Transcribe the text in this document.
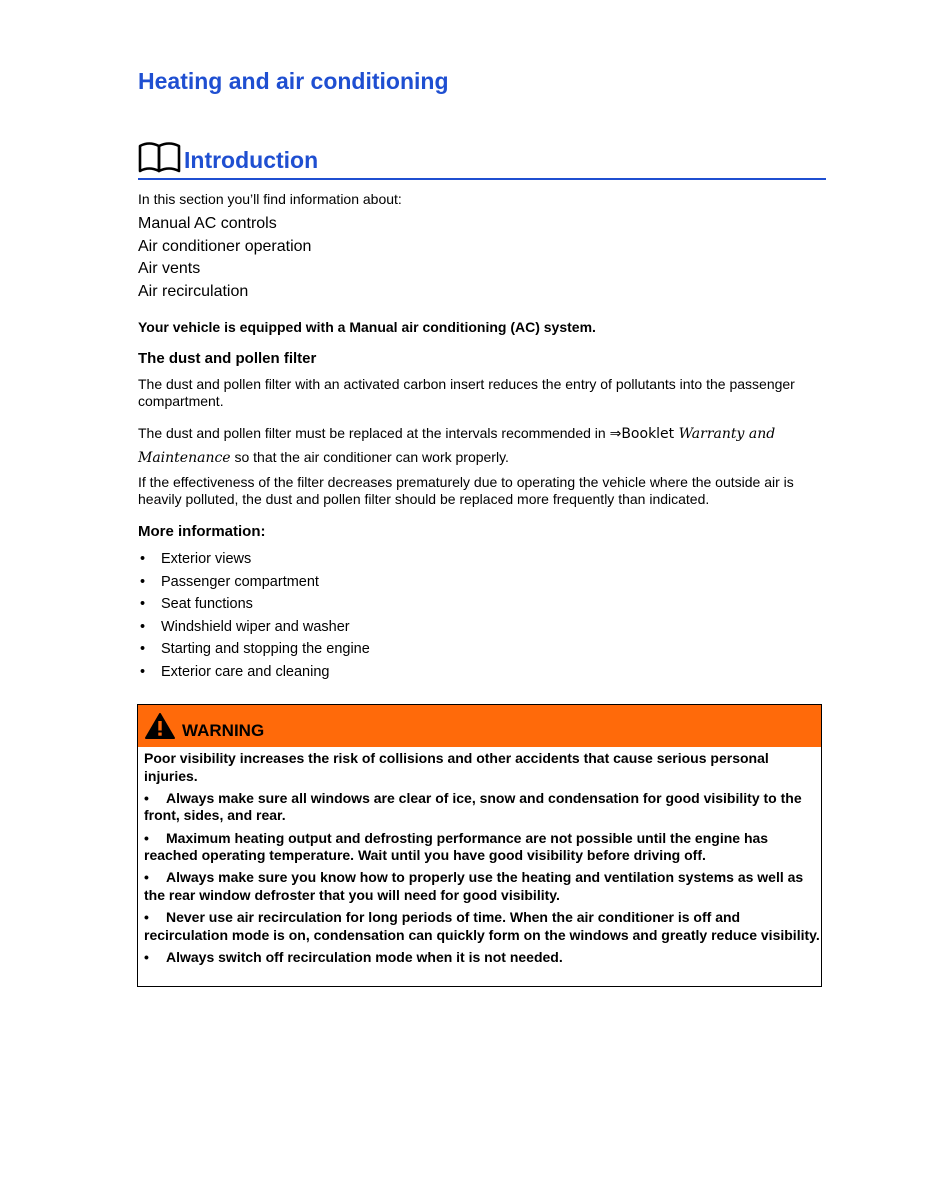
Heating and air conditioning
Introduction
In this section you’ll find information about:
Manual AC controls
Air conditioner operation
Air vents
Air recirculation
Your vehicle is equipped with a Manual air conditioning (AC) system.
The dust and pollen filter
The dust and pollen filter with an activated carbon insert reduces the entry of pollutants into the passenger compartment.
The dust and pollen filter must be replaced at the intervals recommended in ⇒Booklet Warranty and Maintenance so that the air conditioner can work properly.
If the effectiveness of the filter decreases prematurely due to operating the vehicle where the outside air is heavily polluted, the dust and pollen filter should be replaced more frequently than indicated.
More information:
• Exterior views
• Passenger compartment
• Seat functions
• Windshield wiper and washer
• Starting and stopping the engine
• Exterior care and cleaning
WARNING

Poor visibility increases the risk of collisions and other accidents that cause serious personal injuries.

• Always make sure all windows are clear of ice, snow and condensation for good visibility to the front, sides, and rear.

• Maximum heating output and defrosting performance are not possible until the engine has reached operating temperature. Wait until you have good visibility before driving off.

• Always make sure you know how to properly use the heating and ventilation systems as well as the rear window defroster that you will need for good visibility.

• Never use air recirculation for long periods of time. When the air conditioner is off and recirculation mode is on, condensation can quickly form on the windows and greatly reduce visibility.

• Always switch off recirculation mode when it is not needed.
